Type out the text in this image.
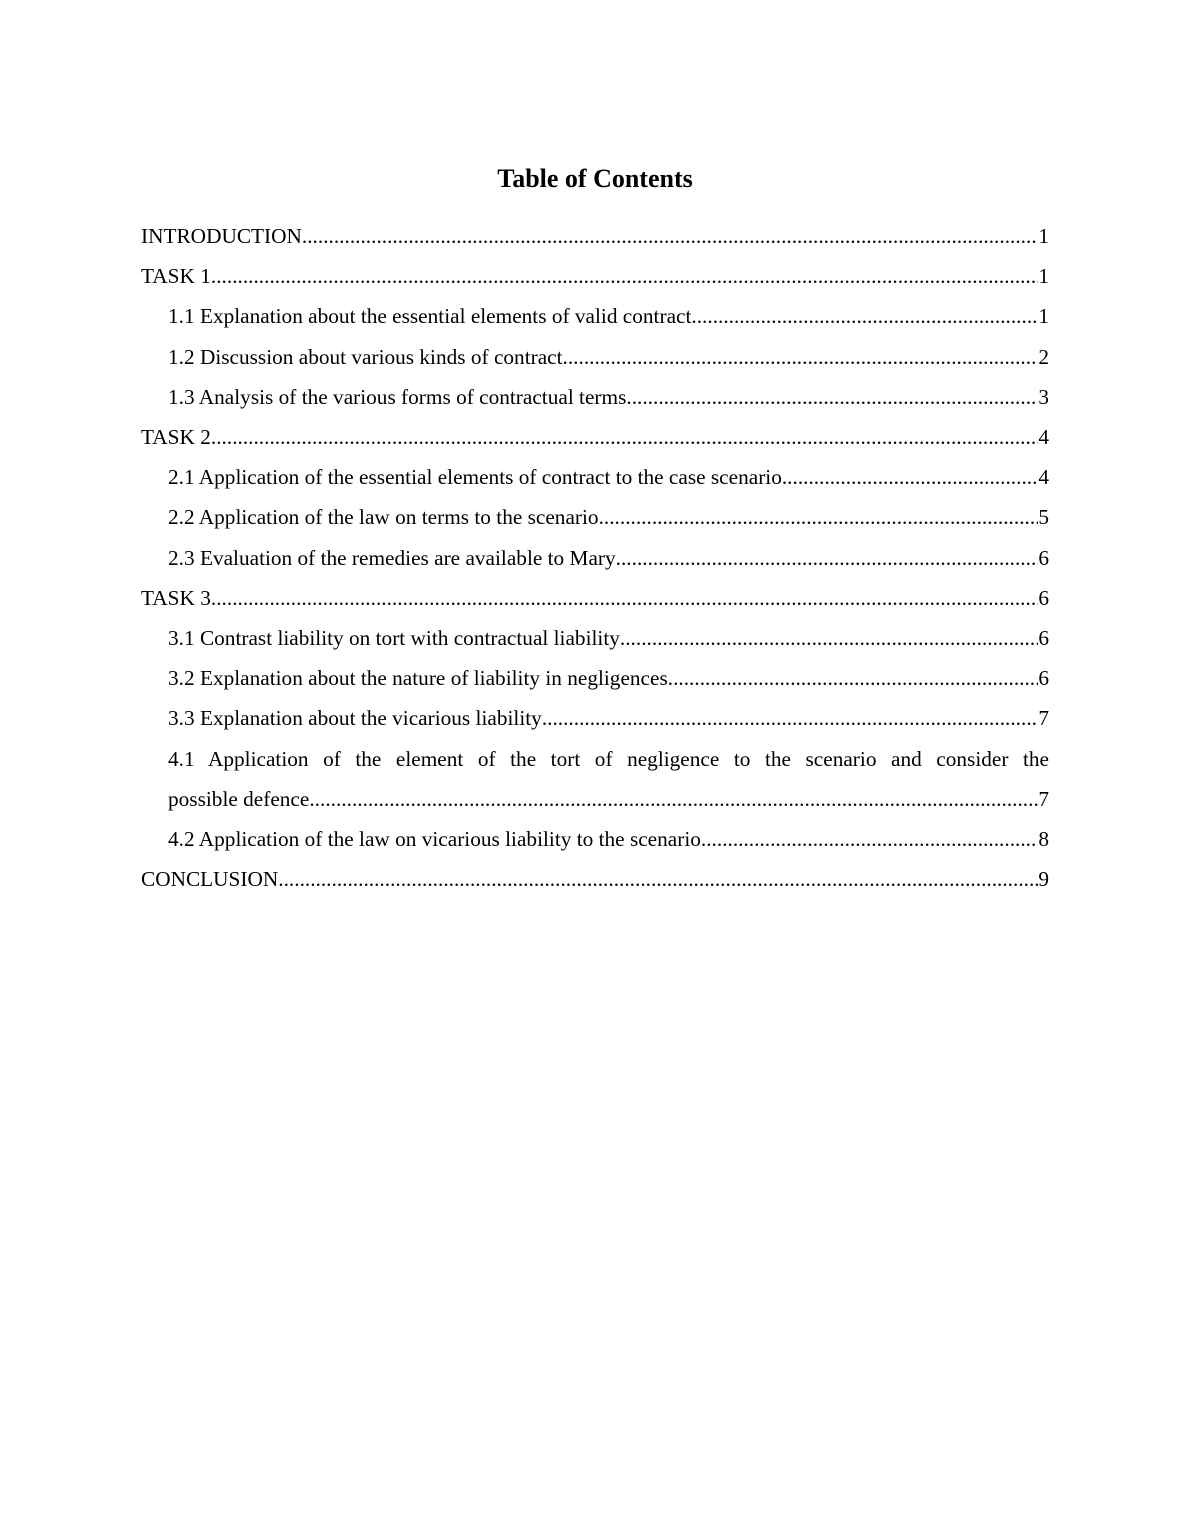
Table of Contents
INTRODUCTION .....	1
TASK 1 .....	1
1.1 Explanation about the essential elements of valid contract .....	1
1.2 Discussion about various kinds of contract .....	2
1.3 Analysis of the various forms of contractual terms .....	3
TASK 2 .....	4
2.1 Application of the essential elements of contract to the case scenario .....	4
2.2 Application of the law on terms to the scenario .....	5
2.3 Evaluation of the remedies are available to Mary .....	6
TASK 3 .....	6
3.1 Contrast liability on tort with contractual liability .....	6
3.2 Explanation about the nature of liability in negligences .....	6
3.3 Explanation about the vicarious liability .....	7
4.1 Application of the element of the tort of negligence to the scenario and consider the
possible defence .....	7
4.2 Application of the law on vicarious liability to the scenario .....	8
CONCLUSION .....	9
